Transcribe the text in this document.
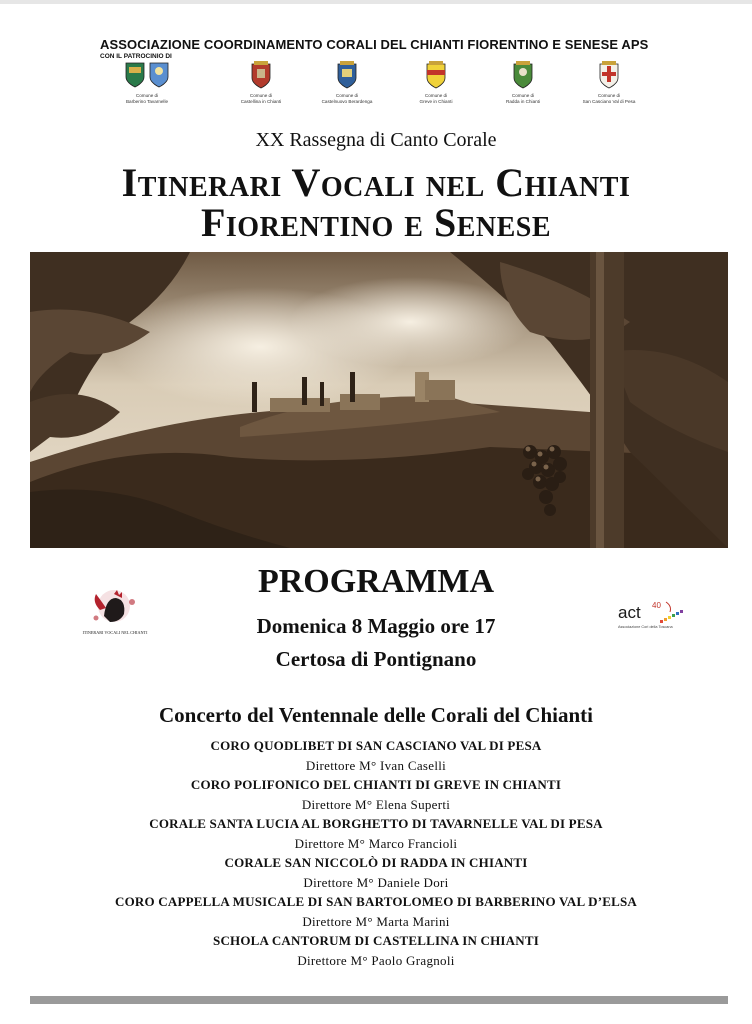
ASSOCIAZIONE COORDINAMENTO CORALI DEL CHIANTI FIORENTINO E SENESE APS
CON IL PATROCINIO DI
Comune di
Barberino Tavarnelle
Comune di
Castellina in Chianti
Comune di
Castelnuovo Berardenga
Comune di
Greve in Chianti
Comune di
Radda in Chianti
Comune di
San Casciano Val di Pesa
XX Rassegna di Canto Corale
Itinerari Vocali nel Chianti
Fiorentino e Senese
ITINERARI VOCALI NEL CHIANTI
act 40
Associazione Cori della Toscana
PROGRAMMA
Domenica 8 Maggio ore 17
Certosa di Pontignano
Concerto del Ventennale delle Corali del Chianti
CORO QUODLIBET DI SAN CASCIANO VAL DI PESA
Direttore M° Ivan Caselli
CORO POLIFONICO DEL CHIANTI DI GREVE IN CHIANTI
Direttore M° Elena Superti
CORALE SANTA LUCIA AL BORGHETTO DI TAVARNELLE VAL DI PESA
Direttore M° Marco Francioli
CORALE SAN NICCOLÒ DI RADDA IN CHIANTI
Direttore M° Daniele Dori
CORO CAPPELLA MUSICALE DI SAN BARTOLOMEO DI BARBERINO VAL D’ELSA
Direttore M° Marta Marini
SCHOLA CANTORUM DI CASTELLINA IN CHIANTI
Direttore M° Paolo Gragnoli
